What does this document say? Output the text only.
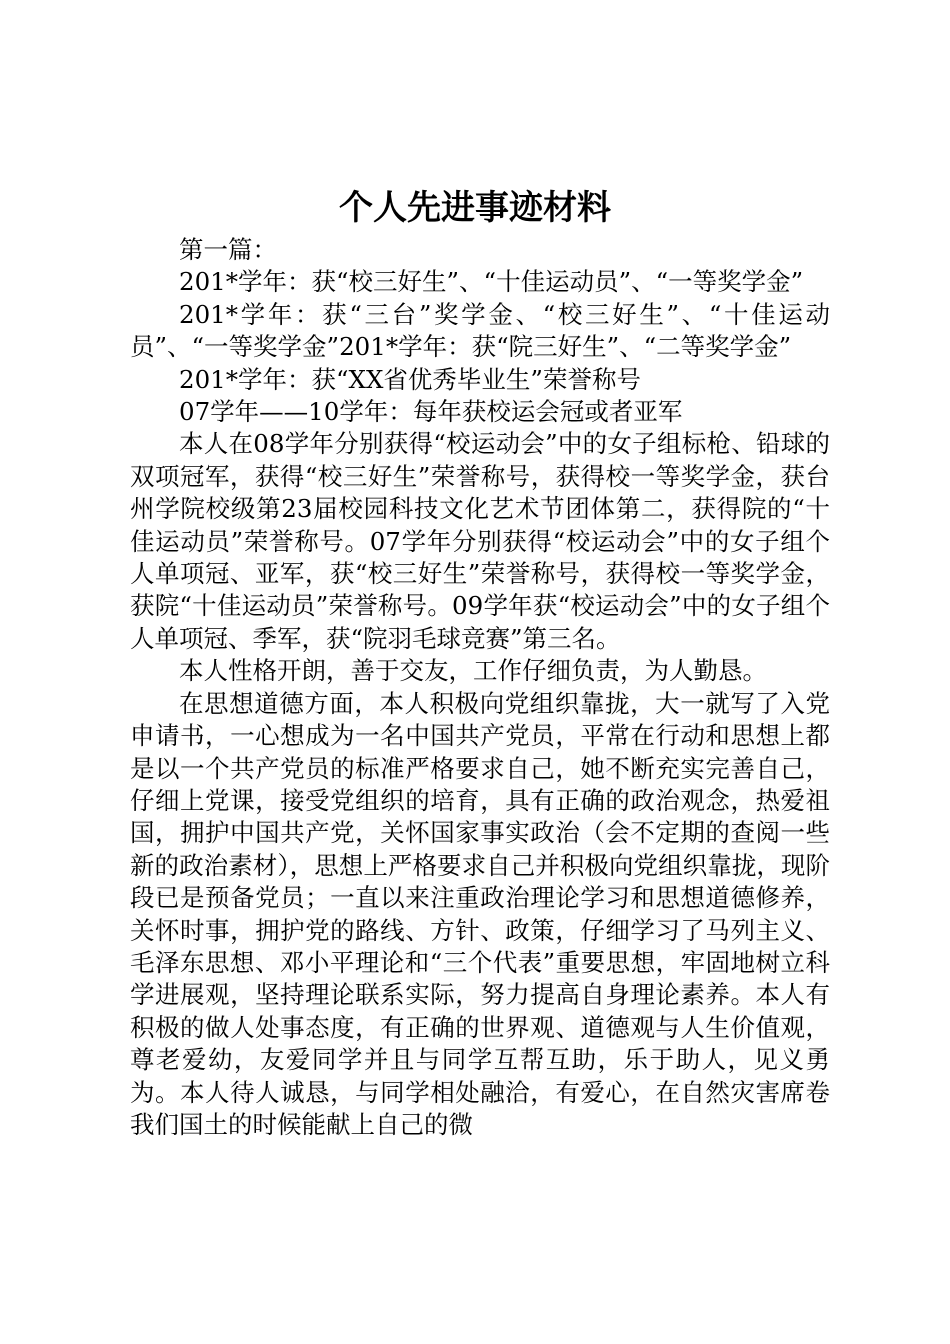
个人先进事迹材料

第一篇：

201*学年：获“校三好生”、“十佳运动员”、“一等奖学金”

201*学年：获“三台”奖学金、“校三好生”、“十佳运动员”、“一等奖学金”201*学年：获“院三好生”、“二等奖学金”

201*学年：获“XX省优秀毕业生”荣誉称号

07学年——10学年：每年获校运会冠或者亚军

本人在08学年分别获得“校运动会”中的女子组标枪、铅球的双项冠军，获得“校三好生”荣誉称号，获得校一等奖学金，获台州学院校级第23届校园科技文化艺术节团体第二，获得院的“十佳运动员”荣誉称号。07学年分别获得“校运动会”中的女子组个人单项冠、亚军，获“校三好生”荣誉称号，获得校一等奖学金，获院“十佳运动员”荣誉称号。09学年获“校运动会”中的女子组个人单项冠、季军，获“院羽毛球竞赛”第三名。

本人性格开朗，善于交友，工作仔细负责，为人勤恳。

在思想道德方面，本人积极向党组织靠拢，大一就写了入党申请书，一心想成为一名中国共产党员，平常在行动和思想上都是以一个共产党员的标准严格要求自己，她不断充实完善自己，仔细上党课，接受党组织的培育，具有正确的政治观念，热爱祖国，拥护中国共产党，关怀国家事实政治（会不定期的查阅一些新的政治素材），思想上严格要求自己并积极向党组织靠拢，现阶段已是预备党员；一直以来注重政治理论学习和思想道德修养，关怀时事，拥护党的路线、方针、政策，仔细学习了马列主义、毛泽东思想、邓小平理论和“三个代表”重要思想，牢固地树立科学进展观，坚持理论联系实际，努力提高自身理论素养。本人有积极的做人处事态度，有正确的世界观、道德观与人生价值观，尊老爱幼，友爱同学并且与同学互帮互助，乐于助人，见义勇为。本人待人诚恳，与同学相处融洽，有爱心，在自然灾害席卷我们国土的时候能献上自己的微
